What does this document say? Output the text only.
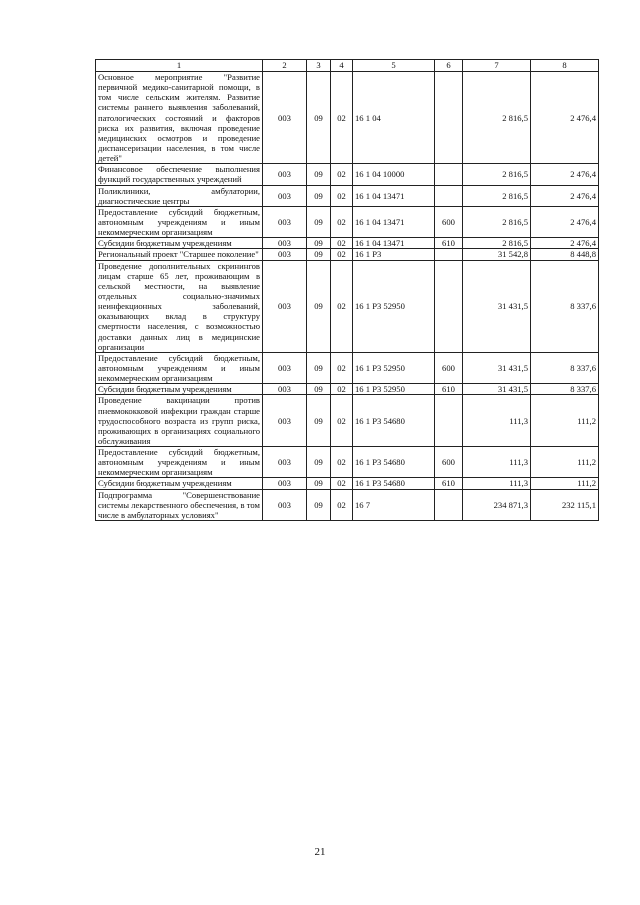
1	2	3	4	5	6	7	8
Основное мероприятие "Развитие первичной медико-санитарной помощи, в том числе сельским жителям. Развитие системы раннего выявления заболеваний, патологических состояний и факторов риска их развития, включая проведение медицинских осмотров и проведение диспансеризации населения, в том числе детей"	003	09	02	16 1 04		2 816,5	2 476,4
Финансовое обеспечение выполнения функций государственных учреждений	003	09	02	16 1 04 10000		2 816,5	2 476,4
Поликлиники, амбулатории, диагностические центры	003	09	02	16 1 04 13471		2 816,5	2 476,4
Предоставление субсидий бюджетным, автономным учреждениям и иным некоммерческим организациям	003	09	02	16 1 04 13471	600	2 816,5	2 476,4
Субсидии бюджетным учреждениям	003	09	02	16 1 04 13471	610	2 816,5	2 476,4
Региональный проект "Старшее поколение"	003	09	02	16 1 P3		31 542,8	8 448,8
Проведение дополнительных скринингов лицам старше 65 лет, проживающим в сельской местности, на выявление отдельных социально-значимых неинфекционных заболеваний, оказывающих вклад в структуру смертности населения, с возможностью доставки данных лиц в медицинские организации	003	09	02	16 1 P3 52950		31 431,5	8 337,6
Предоставление субсидий бюджетным, автономным учреждениям и иным некоммерческим организациям	003	09	02	16 1 P3 52950	600	31 431,5	8 337,6
Субсидии бюджетным учреждениям	003	09	02	16 1 P3 52950	610	31 431,5	8 337,6
Проведение вакцинации против пневмококковой инфекции граждан старше трудоспособного возраста из групп риска, проживающих в организациях социального обслуживания	003	09	02	16 1 P3 54680		111,3	111,2
Предоставление субсидий бюджетным, автономным учреждениям и иным некоммерческим организациям	003	09	02	16 1 P3 54680	600	111,3	111,2
Субсидии бюджетным учреждениям	003	09	02	16 1 P3 54680	610	111,3	111,2
Подпрограмма "Совершенствование системы лекарственного обеспечения, в том числе в амбулаторных условиях"	003	09	02	16 7		234 871,3	232 115,1
21
